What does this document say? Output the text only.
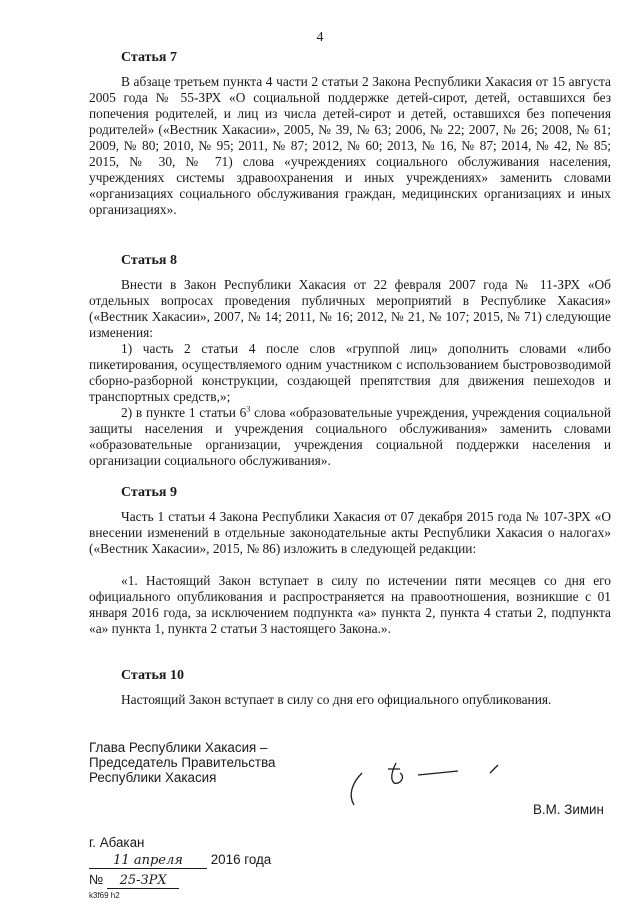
4
Статья 7

В абзаце третьем пункта 4 части 2 статьи 2 Закона Республики Хакасия от 15 августа 2005 года № 55-ЗРХ «О социальной поддержке детей-сирот, детей, оставшихся без попечения родителей, и лиц из числа детей-сирот и детей, оставшихся без попечения родителей» («Вестник Хакасии», 2005, № 39, № 63; 2006, № 22; 2007, № 26; 2008, № 61; 2009, № 80; 2010, № 95; 2011, № 87; 2012, № 60; 2013, № 16, № 87; 2014, № 42, № 85; 2015, № 30, № 71) слова «учреждениях социального обслуживания населения, учреждениях системы здравоохранения и иных учреждениях» заменить словами «организациях социального обслуживания граждан, медицинских организациях и иных организациях».

Статья 8

Внести в Закон Республики Хакасия от 22 февраля 2007 года № 11-ЗРХ «Об отдельных вопросах проведения публичных мероприятий в Республике Хакасия» («Вестник Хакасии», 2007, № 14; 2011, № 16; 2012, № 21, № 107; 2015, № 71) следующие изменения:

1) часть 2 статьи 4 после слов «группой лиц» дополнить словами «либо пикетирования, осуществляемого одним участником с использованием быстровозводимой сборно-разборной конструкции, создающей препятствия для движения пешеходов и транспортных средств,»;

2) в пункте 1 статьи $6^3$ слова «образовательные учреждения, учреждения социальной защиты населения и учреждения социального обслуживания» заменить словами «образовательные организации, учреждения социальной поддержки населения и организации социального обслуживания».

Статья 9

Часть 1 статьи 4 Закона Республики Хакасия от 07 декабря 2015 года № 107-ЗРХ «О внесении изменений в отдельные законодательные акты Республики Хакасия о налогах» («Вестник Хакасии», 2015, № 86) изложить в следующей редакции:

«1. Настоящий Закон вступает в силу по истечении пяти месяцев со дня его официального опубликования и распространяется на правоотношения, возникшие с 01 января 2016 года, за исключением подпункта «а» пункта 2, пункта 4 статьи 2, подпункта «а» пункта 1, пункта 2 статьи 3 настоящего Закона.».

Статья 10

Настоящий Закон вступает в силу со дня его официального опубликования.

Глава Республики Хакасия –
Председатель Правительства
Республики Хакасия
В.М. Зимин
г. Абакан
11 апреля 2016 года
№ 25-ЗРХ
k3f69 h2
